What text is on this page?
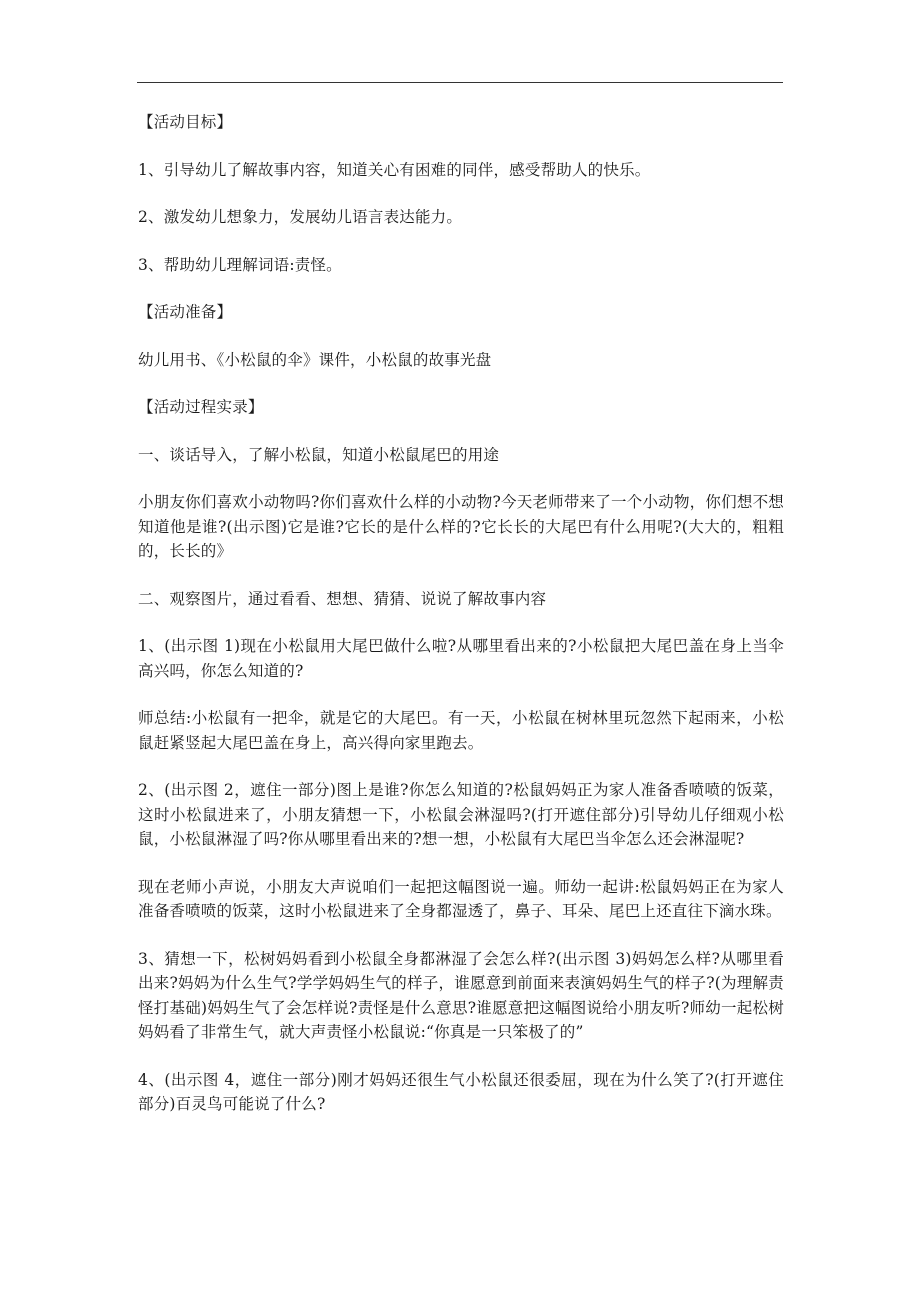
【活动目标】

1、引导幼儿了解故事内容，知道关心有困难的同伴，感受帮助人的快乐。

2、激发幼儿想象力，发展幼儿语言表达能力。

3、帮助幼儿理解词语:责怪。

【活动准备】

幼儿用书、《小松鼠的伞》课件，小松鼠的故事光盘

【活动过程实录】

一、谈话导入，了解小松鼠，知道小松鼠尾巴的用途

小朋友你们喜欢小动物吗?你们喜欢什么样的小动物?今天老师带来了一个小动物，你们想不想知道他是谁?(出示图)它是谁?它长的是什么样的?它长长的大尾巴有什么用呢?(大大的，粗粗的，长长的》

二、观察图片，通过看看、想想、猜猜、说说了解故事内容

1、(出示图 1)现在小松鼠用大尾巴做什么啦?从哪里看出来的?小松鼠把大尾巴盖在身上当伞高兴吗，你怎么知道的?

师总结:小松鼠有一把伞，就是它的大尾巴。有一天，小松鼠在树林里玩忽然下起雨来，小松鼠赶紧竖起大尾巴盖在身上，高兴得向家里跑去。

2、(出示图 2，遮住一部分)图上是谁?你怎么知道的?松鼠妈妈正为家人准备香喷喷的饭菜，这时小松鼠进来了，小朋友猜想一下，小松鼠会淋湿吗?(打开遮住部分)引导幼儿仔细观小松鼠，小松鼠淋湿了吗?你从哪里看出来的?想一想，小松鼠有大尾巴当伞怎么还会淋湿呢?

现在老师小声说，小朋友大声说咱们一起把这幅图说一遍。师幼一起讲:松鼠妈妈正在为家人准备香喷喷的饭菜，这时小松鼠进来了全身都湿透了，鼻子、耳朵、尾巴上还直往下滴水珠。

3、猜想一下，松树妈妈看到小松鼠全身都淋湿了会怎么样?(出示图 3)妈妈怎么样?从哪里看出来?妈妈为什么生气?学学妈妈生气的样子，谁愿意到前面来表演妈妈生气的样子?(为理解责怪打基础)妈妈生气了会怎样说?责怪是什么意思?谁愿意把这幅图说给小朋友听?师幼一起松树妈妈看了非常生气，就大声责怪小松鼠说:“你真是一只笨极了的”

4、(出示图 4，遮住一部分)刚才妈妈还很生气小松鼠还很委屈，现在为什么笑了?(打开遮住部分)百灵鸟可能说了什么?
